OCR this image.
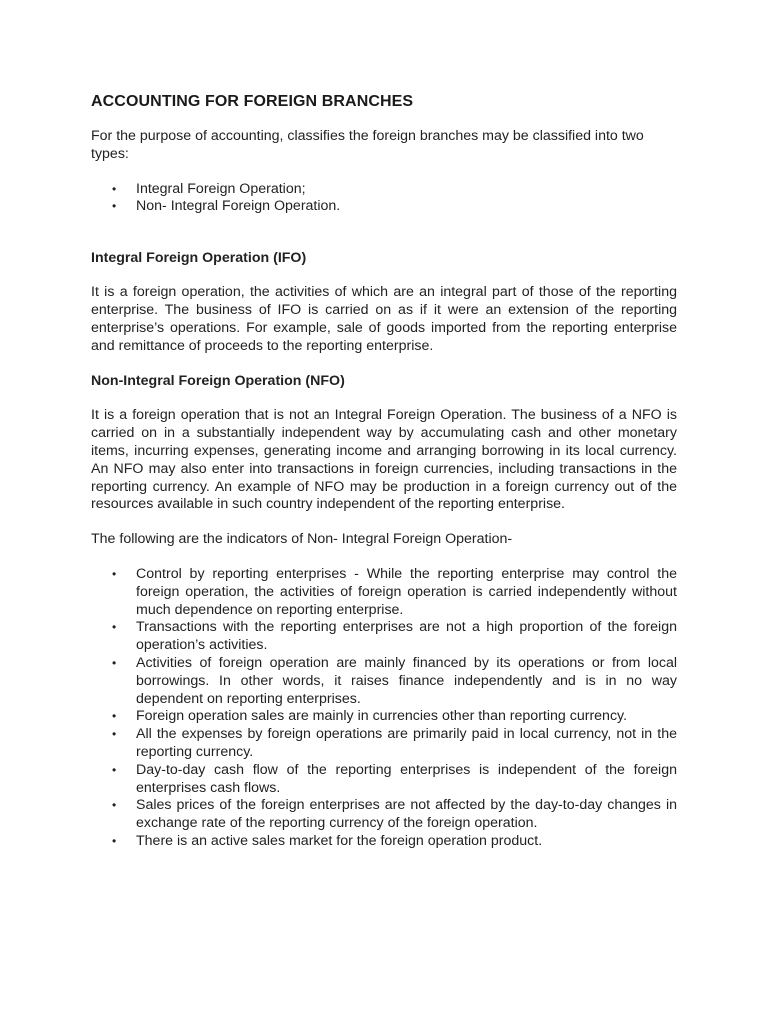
ACCOUNTING FOR FOREIGN BRANCHES

For the purpose of accounting, classifies the foreign branches may be classified into two types:

• Integral Foreign Operation;
• Non- Integral Foreign Operation.
Integral Foreign Operation (IFO)

It is a foreign operation, the activities of which are an integral part of those of the reporting enterprise. The business of IFO is carried on as if it were an extension of the reporting enterprise’s operations. For example, sale of goods imported from the reporting enterprise and remittance of proceeds to the reporting enterprise.

Non-Integral Foreign Operation (NFO)

It is a foreign operation that is not an Integral Foreign Operation. The business of a NFO is carried on in a substantially independent way by accumulating cash and other monetary items, incurring expenses, generating income and arranging borrowing in its local currency. An NFO may also enter into transactions in foreign currencies, including transactions in the reporting currency. An example of NFO may be production in a foreign currency out of the resources available in such country independent of the reporting enterprise.

The following are the indicators of Non- Integral Foreign Operation-

• Control by reporting enterprises - While the reporting enterprise may control the foreign operation, the activities of foreign operation is carried independently without much dependence on reporting enterprise.
• Transactions with the reporting enterprises are not a high proportion of the foreign operation’s activities.
• Activities of foreign operation are mainly financed by its operations or from local borrowings. In other words, it raises finance independently and is in no way dependent on reporting enterprises.
• Foreign operation sales are mainly in currencies other than reporting currency.
• All the expenses by foreign operations are primarily paid in local currency, not in the reporting currency.
• Day-to-day cash flow of the reporting enterprises is independent of the foreign enterprises cash flows.
• Sales prices of the foreign enterprises are not affected by the day-to-day changes in exchange rate of the reporting currency of the foreign operation.
• There is an active sales market for the foreign operation product.
